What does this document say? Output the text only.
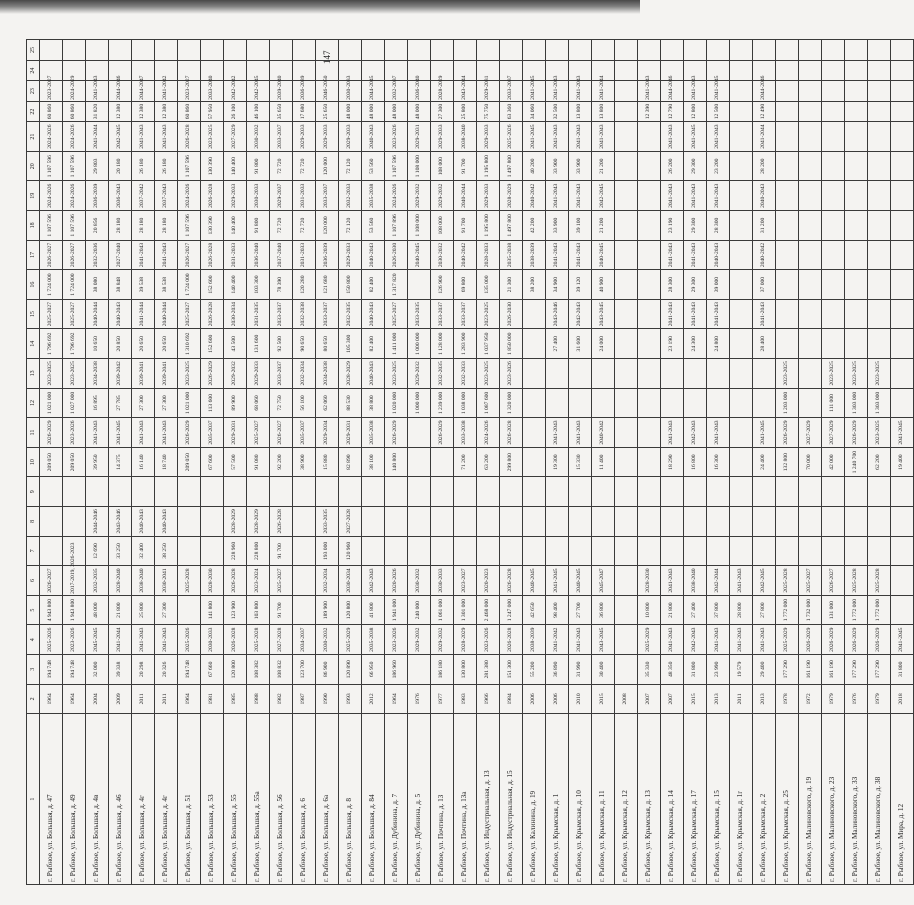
147
1	2	3	4	5	6	7	8	9	10	11	12	13	14	15	16	17	18	19	20	21	22	23	24	25
г. Рыбное, ул. Большая, д. 47	1964	194 748	2025-2026	4 943 800	2026-2027				209 050	2026-2029	1 021 000	2023-2025	1 796 692	2025-2027	1 724 000	2026-2027	1 107 596	2024-2026	1 107 596	2024-2026	60 860	2023-2027		
г. Рыбное, ул. Большая, д. 49	1964	194 748	2023-2026	1 943 800	2017-2019, 2026-2023				209 050	2023-2026	1 027 000	2023-2025	1 796 692	2025-2027	1 724 000	2026-2027	1 107 596	2024-2026	1 107 596	2024-2026	60 860	2024-2029		
г. Рыбное, ул. Большая, д. 4в	2004	32 000	2045-2045	48 000	2032-2035	12 690	2044-2046		39 950	2041-2043	16 895	2034-2038	10 650	2040-2044	38 080	2032-2036	20 856	2036-2039	29 803	2041-2044	31 820	2041-2043		
г. Рыбное, ул. Большая, д. 46	2009	39 338	2041-2044	21 800	2028-2040	33 250	2043-2046		14 375	2041-2045	27 785	2039-2042	20 850	2040-2043	38 848	2027-2040	28 180	2036-2043	20 180	2042-2045	12 380	2044-2046		
г. Рыбное, ул. Большая, д. 4г	2011	20 298	2041-2043	25 800	2038-2040	32 400	2040-2043		16 140	2041-2043	27 300	2039-2041	20 650	2041-2044	39 538	2041-2043	28 180	2037-2042	26 180	2041-2043	12 380	2044-2047		
г. Рыбное, ул. Большая, д. 4г	2011	20 326	2041-2043	27 300	2030-2041	38 250	2040-2043		18 740	2041-2043	27 300	2039-2041	20 650	2040-2044	38 538	2041-2043	28 180	2037-2043	26 180	2041-2043	12 380	2041-2042		
г. Рыбное, ул. Большая, д. 51	1964	194 748	2025-2026		2025-2028				209 050	2026-2029	1 021 000	2023-2025	1 310 692	2025-2027	1 724 000	2026-2027	1 107 596	2024-2026	1 107 596	2026-2028	60 860	2023-2027		
г. Рыбное, ул. Большая, д. 53	1981	67 660	2030-2033	141 800	2028-2030				67 600	2035-2037	113 600	2026-2029	152 600	2026-2028	152 600	2026-2028	130 390	2026-2028	130 390	2023-2025	57 950	2033-2040		
г. Рыбное, ул. Большая, д. 55	1985	120 800	2026-2028	123 900	2026-2028	228 960	2028-2029		57 500	2029-2031	89 900	2029-2032	43 500	2030-2034	140 400	2031-2033	140 400	2029-2033	140 400	2027-2029	26 100	2042-2042		
г. Рыбное, ул. Большая, д. 55а	1988	108 382	2025-2028	103 800	2023-2024	228 800	2028-2029		91 080	2025-2027	68 060	2029-2033	131 600	2031-2035	103 300	2036-2040	91 800	2030-2033	91 800	2030-2032	46 100	2042-2045		
г. Рыбное, ул. Большая, д. 56	1982	108 832	2027-2028	91 700	2025-2027	91 700	2026-2028		92 200	2026-2027	72 750	2033-2037	92 500	2033-2037	78 390	2037-2040	72 720	2029-2037	72 720	2033-2037	35 650	2039-2040		
г. Рыбное, ул. Большая, д. 6	1987	123 700	2034-2037						38 900	2035-2037	56 100	2032-2034	90 650	2032-2038	120 280	2031-2033	72 720	2031-2033	72 720	2029-2033	17 680	2036-2039		
г. Рыбное, ул. Большая, д. 6а	1990	86 900	2030-2032	189 900	2032-2034	193 000	2033-2035		15 880	2029-2034	62 060	2034-2038	80 650	2033-2037	121 680	2036-2039	120 000	2033-2037	120 000	2029-2033	25 650	2046-2050		
г. Рыбное, ул. Большая, д. 8	1993	120 890	2025-2029	120 800	2030-2034	120 960	2027-2028		82 890	2029-2031	88 530	2028-2029	105 300	2032-2035	150 800	2029-2033	72 120	2032-2033	72 120	2029-2033	48 000	2030-2033		
г. Рыбное, ул. Большая, д. 84	2012	66 950	2035-2038	41 800	2042-2043				38 100	2035-2038	38 800	2040-2043	82 400	2040-2043	82 400	2040-2043	53 560	2035-2038	53 560	2040-2043	48 000	2044-2045		
г. Рыбное, ул. Дубинина, д. 7	1964	186 960	2023-2026	1 941 000	2020-2026				140 800	2026-2029	1 020 000	2023-2025	1 411 000	2025-2027	1 317 820	2026-2030	1 107 896	2024-2026	1 107 596	2023-2026	48 000	2032-2037		
г. Рыбное, ул. Дубинина, д. 5	1976		2029-2032	240 000	2030-2032						1 000 000	2029-2032	1 000 000	2033-2035		2040-2045	1 108 000	2029-2032	1 108 000	2029-2031	48 000	2036-2040		
г. Рыбное, ул. Почтина, д. 13	1977	186 180	2029-2032	1 061 000	2030-2033					2026-2029	1 239 000	2032-2035	1 128 000	2033-2037	126 900	2030-2032	108 000	2029-2032	108 000	2029-2033	27 300	2028-2029		
г. Рыбное, ул. Почтина, д. 13а	1983	130 800	2028-2029	1 301 000	2023-2027				71 200	2033-2038	1 038 000	2032-2033	1 283 900	2033-2037	69 800	2040-2042	91 700	2040-2044	91 700	2038-2040	25 800	2043-2044		
г. Рыбное, ул. Индустриальная, д. 13	1966	281 380	2023-2026	2 468 000	2020-2023				63 200	2024-2026	1 087 600	2023-2025	1 037 950	2023-2025	135 000	2028-2033	1 195 800	2029-2033	1 195 800	2029-2033	75 750	2029-2031		
г. Рыбное, ул. Индустриальная, д. 15	1984	151 300	2026-2028	1 247 000	2026-2028				299 800	2026-2028	1 320 000	2023-2026	1 850 000	2026-2030	21 300	2035-2038	1 497 800	2028-2029	1 497 800	2025-2026	63 360	2033-2037		
г. Рыбное, ул. Калинина, д. 19	2006	55 200	2038-2039	42 650	2040-2045										38 200	2038-2039	42 200	2040-2042	40 200	2041-2045	34 060	2041-2045		
г. Рыбное, ул. Крымская, д. 1	2006	36 890	2041-2042	98 400	2041-2045				19 300	2041-2043			27 400	2043-2046	34 900	2041-2043	33 900	2041-2043	33 900	2041-2043	32 500	2041-2043		
г. Рыбное, ул. Крымская, д. 10	2010	31 990	2041-2043	27 700	2040-2045				15 330	2041-2043			31 600	2042-2043	39 120	2041-2043	39 100	2041-2043	33 900	2041-2043	13 800	2041-2043		
г. Рыбное, ул. Крымская, д. 11	2015	30 400	2043-2045	36 800	2045-2047				11 400	2040-2042			24 000	2043-2045	40 900	2040-2045	21 200	2042-2045	21 200	2041-2043	13 800	2041-2044		
г. Рыбное, ул. Крымская, д. 12	2008																							
г. Рыбное, ул. Крымская, д. 13	2007	35 330	2025-2029	10 800	2028-2030																12 390	2041-2043		
г. Рыбное, ул. Крымская, д. 14	2007	48 350	2041-2043	21 800	2041-2043				18 290	2041-2043			23 190	2041-2043	28 300	2041-2043	23 190	2041-2043	26 200	2041-2043	12 790	2044-2046		
г. Рыбное, ул. Крымская, д. 17	2015	31 800	2042-2043	27 400	2038-2040				16 800	2042-2043			24 300	2041-2043	29 300	2041-2043	29 300	2041-2043	29 300	2041-2045	12 800	2041-2043		
г. Рыбное, ул. Крымская, д. 15	2013	23 990	2041-2043	37 800	2042-2044				16 300	2041-2043			24 800	2041-2043	39 000	2040-2043	28 300	2041-2043	23 200	2041-2043	12 500	2041-2045		
г. Рыбное, ул. Крымская, д. 1г	2011	19 579	2041-2043	28 800	2041-2043																			
г. Рыбное, ул. Крымская, д. 2	2013	29 400	2041-2043	27 800	2042-2045				24 400	2041-2045			28 400	2041-2043	37 000	2040-2042	31 200	2040-2043	28 200	2041-2044	12 490	2044-2046		
г. Рыбное, ул. Крымская, д. 25	1978	177 290	2025-2029	1 772 000	2025-2028				132 800	2026-2029	1 203 000	2023-2025												
г. Рыбное, ул. Малиновского, д. 19	1972	161 190	2026-2029	1 732 000	2025-2027				70 000	2027-2029														
г. Рыбное, ул. Малиновского, д. 23	1979	161 190	2026-2029	131 000	2026-2027				42 000	2027-2029	111 000	2023-2025												
г. Рыбное, ул. Малиновского, д. 33	1976	177 290	2026-2029	1 772 000	2025-2028				1 240 700	2026-2029	1 303 000	2023-2025												
г. Рыбное, ул. Малиновского, д. 38	1979	177 290	2026-2029	1 772 000	2025-2028				62 200	2023-2025	1 303 000	2023-2025												
г. Рыбное, ул. Мира, д. 12	2018	31 800	2041-2045						19 400	2041-2045														
